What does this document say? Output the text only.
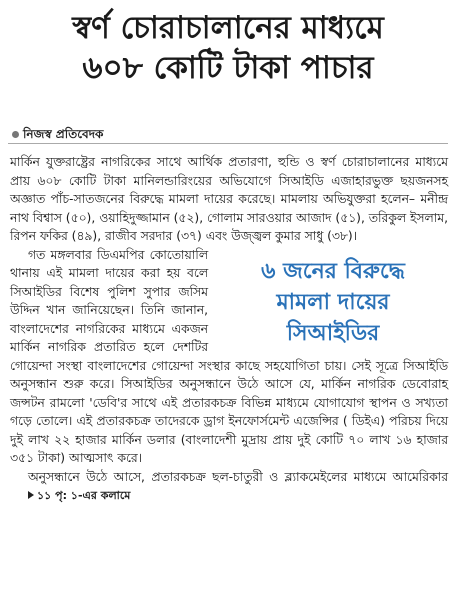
স্বর্ণ চোরাচালানের মাধ্যমে
৬০৮ কোটি টাকা পাচার
নিজস্ব প্রতিবেদক

মার্কিন যুক্তরাষ্ট্রের নাগরিকের সাথে আর্থিক প্রতারণা, হুন্ডি ও স্বর্ণ চোরাচালানের মাধ্যমে প্রায় ৬০৮ কোটি টাকা মানিলন্ডারিংয়ের অভিযোগে সিআইডি এজাহারভুক্ত ছয়জনসহ অজ্ঞাত পাঁচ-সাতজনের বিরুদ্ধে মামলা দায়ের করেছে। মামলায় অভিযুক্তরা হলেন– মনীন্দ্র নাথ বিশ্বাস (৫০), ওয়াহিদুজ্জামান (৫২), গোলাম সারওয়ার আজাদ (৫১), তরিকুল ইসলাম, রিপন ফকির (৪৯), রাজীব সরদার (৩৭) এবং উজ্জ্বল কুমার সাধু (৩৮)।

৬ জনের বিরুদ্ধে
মামলা দায়ের
সিআইডির

গত মঙ্গলবার ডিএমপির কোতোয়ালি থানায় এই মামলা দায়ের করা হয় বলে সিআইডির বিশেষ পুলিশ সুপার জসিম উদ্দিন খান জানিয়েছেন। তিনি জানান, বাংলাদেশের নাগরিকের মাধ্যমে একজন মার্কিন নাগরিক প্রতারিত হলে দেশটির গোয়েন্দা সংস্থা বাংলাদেশের গোয়েন্দা সংস্থার কাছে সহযোগিতা চায়। সেই সূত্রে সিআইডি অনুসন্ধান শুরু করে। সিআইডির অনুসন্ধানে উঠে আসে যে, মার্কিন নাগরিক ডেবোরাহ জন্সটন রামলো 'ডেবি'র সাথে এই প্রতারকচক্র বিভিন্ন মাধ্যমে যোগাযোগ স্থাপন ও সখ্যতা গড়ে তোলে। এই প্রতারকচক্র তাদেরকে ড্রাগ ইনফোর্সমেন্ট এজেন্সির ( ডিইএ) পরিচয় দিয়ে দুই লাখ ২২ হাজার মার্কিন ডলার (বাংলাদেশী মুদ্রায় প্রায় দুই কোটি ৭০ লাখ ১৬ হাজার ৩৫১ টাকা) আত্মসাৎ করে।

অনুসন্ধানে উঠে আসে, প্রতারকচক্র ছল-চাতুরী ও ব্ল্যাকমেইলের মাধ্যমে আমেরিকার ১১ পৃ: ১-এর কলামে
